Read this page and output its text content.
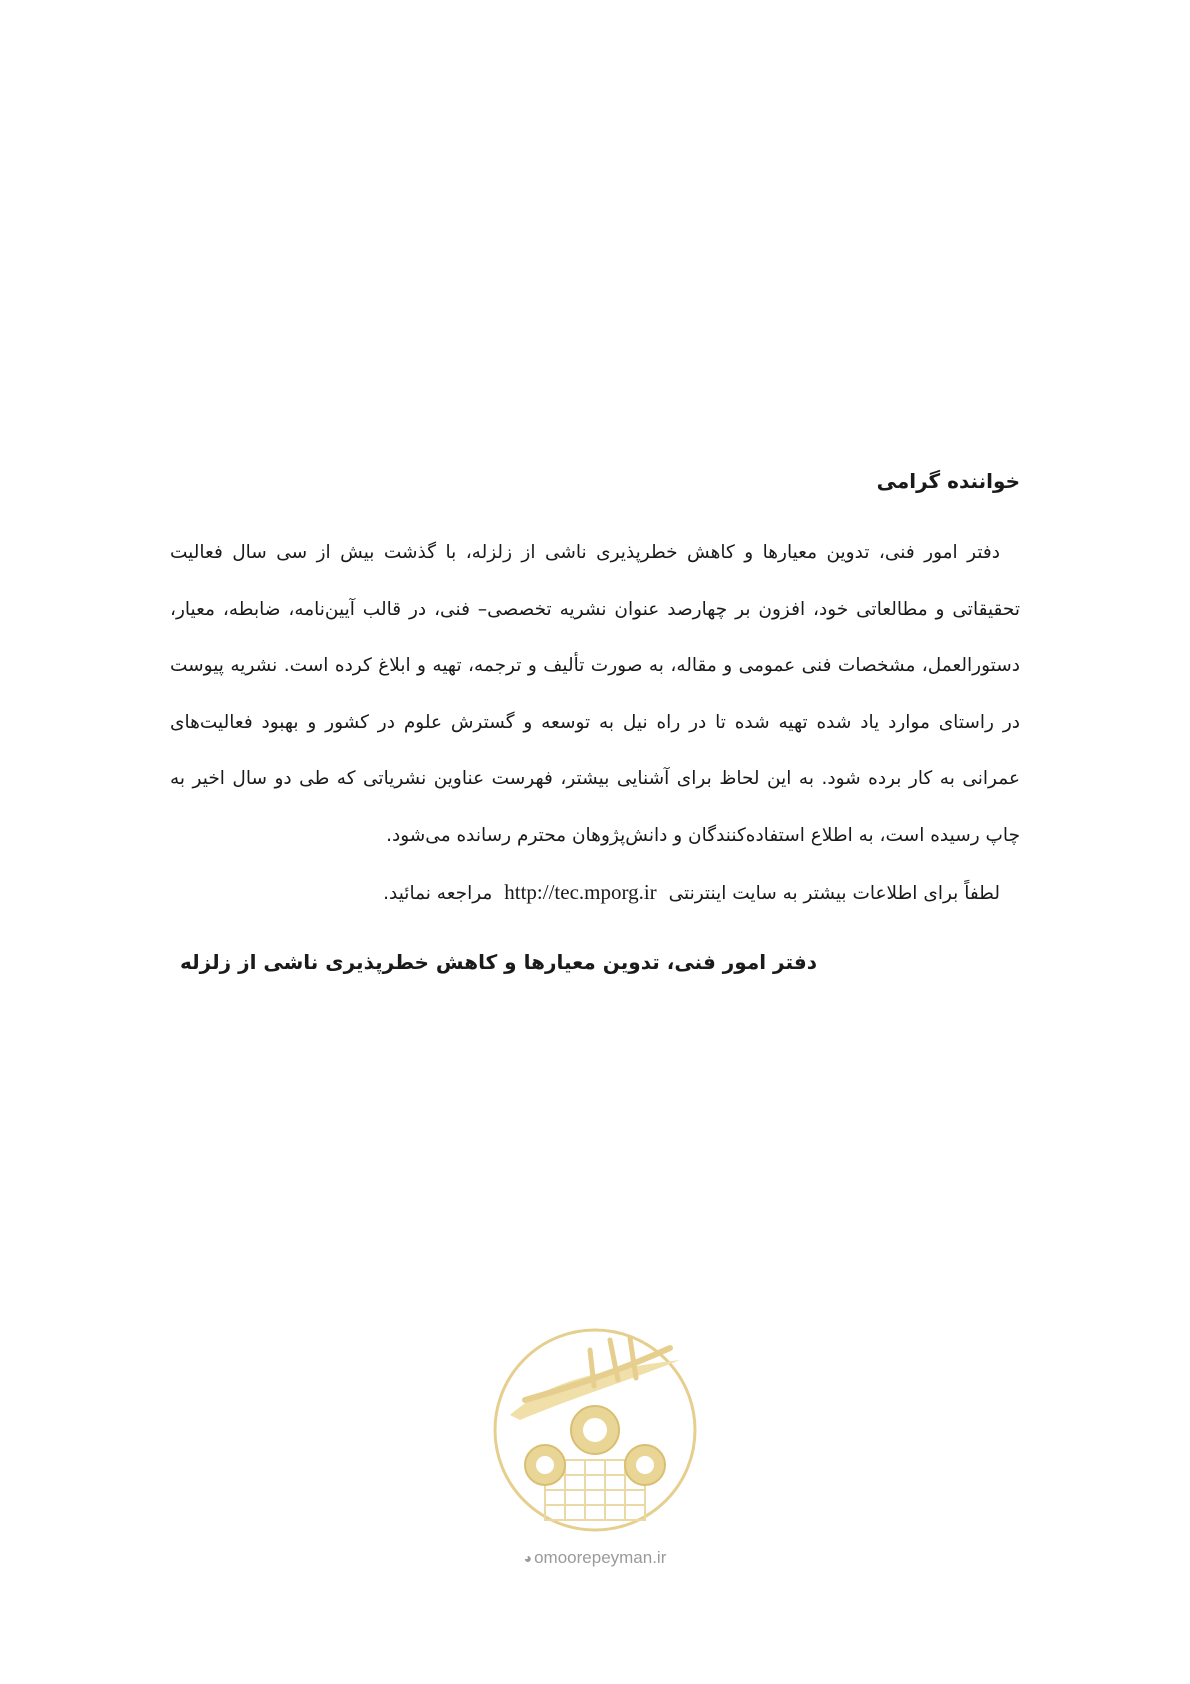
خواننده گرامی

دفتر امور فنی، تدوین معیارها و کاهش خطرپذیری ناشی از زلزله، با گذشت بیش از سی سال فعالیت تحقیقاتی و مطالعاتی خود، افزون بر چهارصد عنوان نشریه تخصصی– فنی، در قالب آیین‌نامه، ضابطه، معیار، دستورالعمل، مشخصات فنی عمومی و مقاله، به صورت تألیف و ترجمه، تهیه و ابلاغ کرده است. نشریه پیوست در راستای موارد یاد شده تهیه شده تا در راه نیل به توسعه و گسترش علوم در کشور و بهبود فعالیت‌های عمرانی به کار برده شود. به این لحاظ برای آشنایی بیشتر، فهرست عناوین نشریاتی که طی دو سال اخیر به چاپ رسیده است، به اطلاع استفاده‌کنندگان و دانش‌پژوهان محترم رسانده می‌شود.

لطفاً برای اطلاعات بیشتر به سایت اینترنتی http://tec.mporg.ir مراجعه نمائید.
دفتر امور فنی، تدوین معیارها و کاهش خطرپذیری ناشی از زلزله
◕ omoorepeyman.ir
